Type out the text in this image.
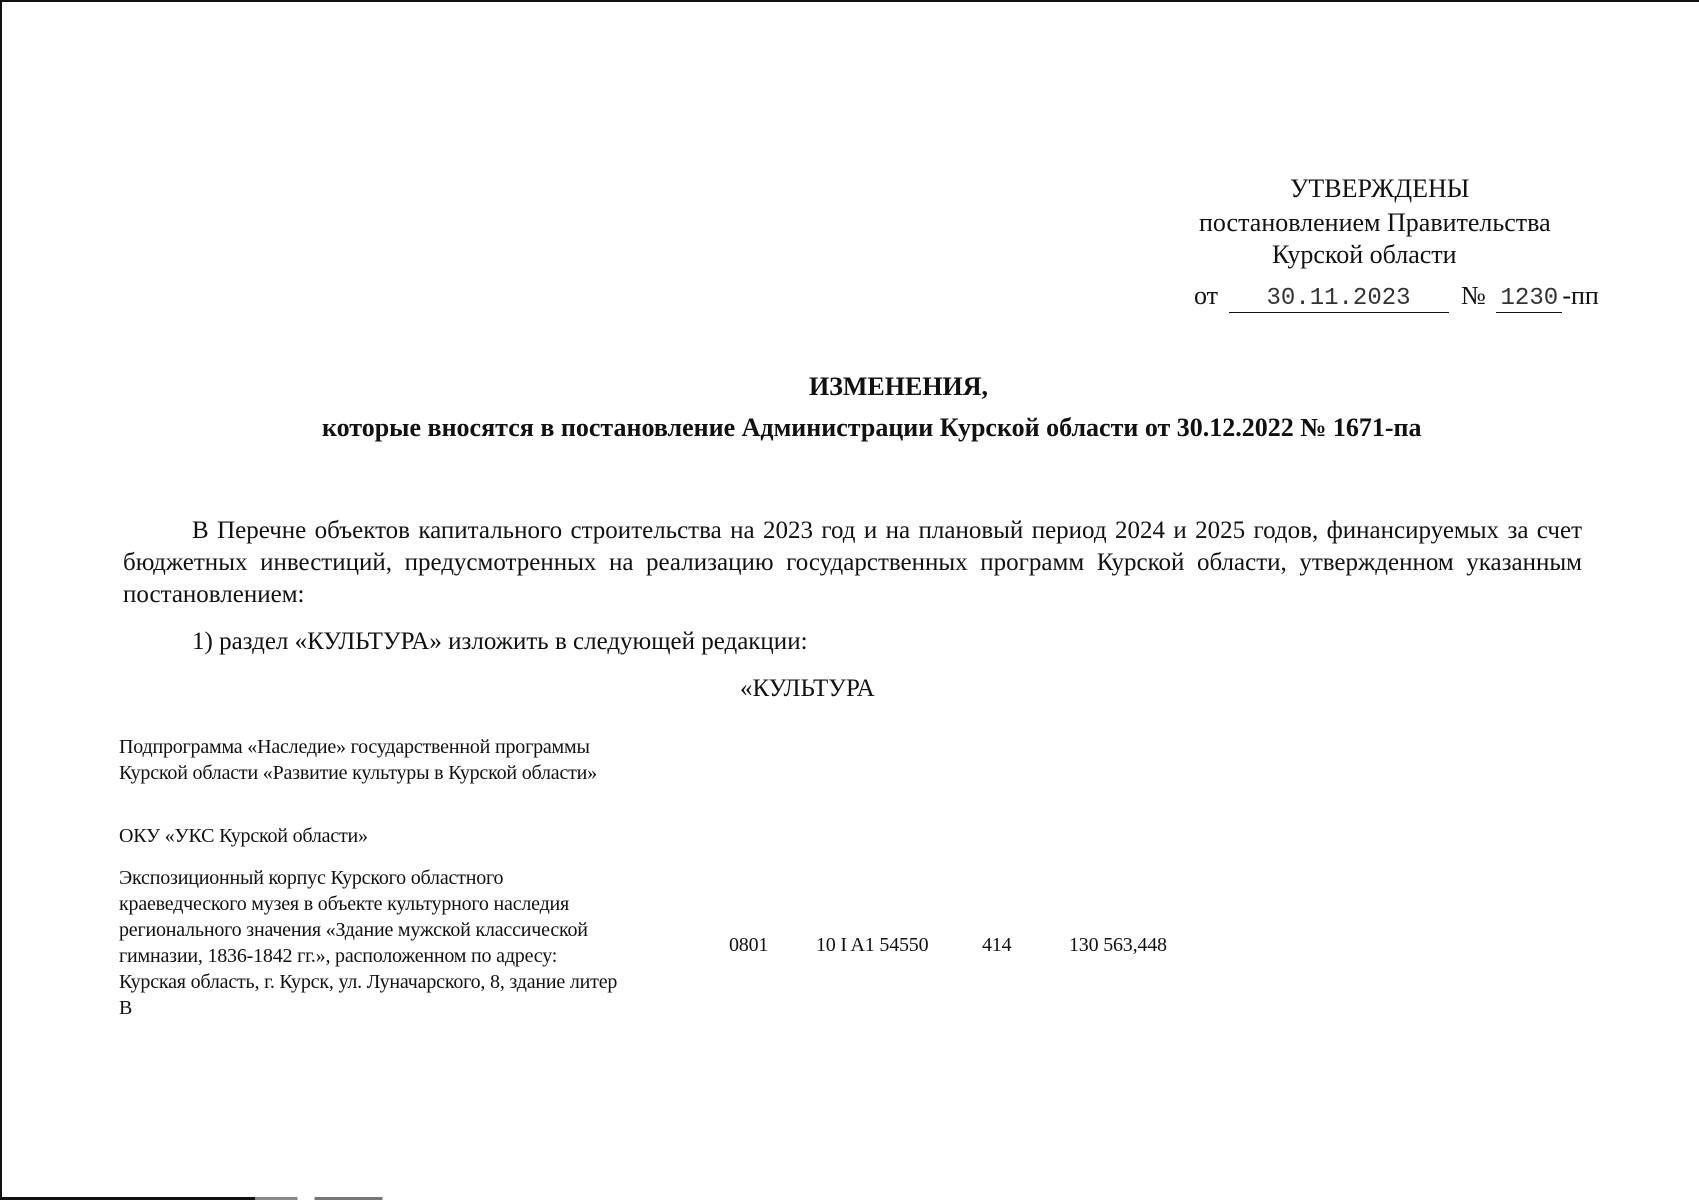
УТВЕРЖДЕНЫ
постановлением Правительства
Курской области
от 30.11.2023 № 1230 -пп
ИЗМЕНЕНИЯ,
которые вносятся в постановление Администрации Курской области от 30.12.2022 № 1671-па
В Перечне объектов капитального строительства на 2023 год и на плановый период 2024 и 2025 годов, финансируемых за счет бюджетных инвестиций, предусмотренных на реализацию государственных программ Курской области, утвержденном указанным постановлением:
1) раздел «КУЛЬТУРА» изложить в следующей редакции:
«КУЛЬТУРА
Подпрограмма «Наследие» государственной программы
Курской области «Развитие культуры в Курской области»
ОКУ «УКС Курской области»
Экспозиционный корпус Курского областного
краеведческого музея в объекте культурного наследия
регионального значения «Здание мужской классической
гимназии, 1836-1842 гг.», расположенном по адресу:
Курская область, г. Курск, ул. Луначарского, 8, здание литер
В
0801 10 I A1 54550	414	130 563,448
